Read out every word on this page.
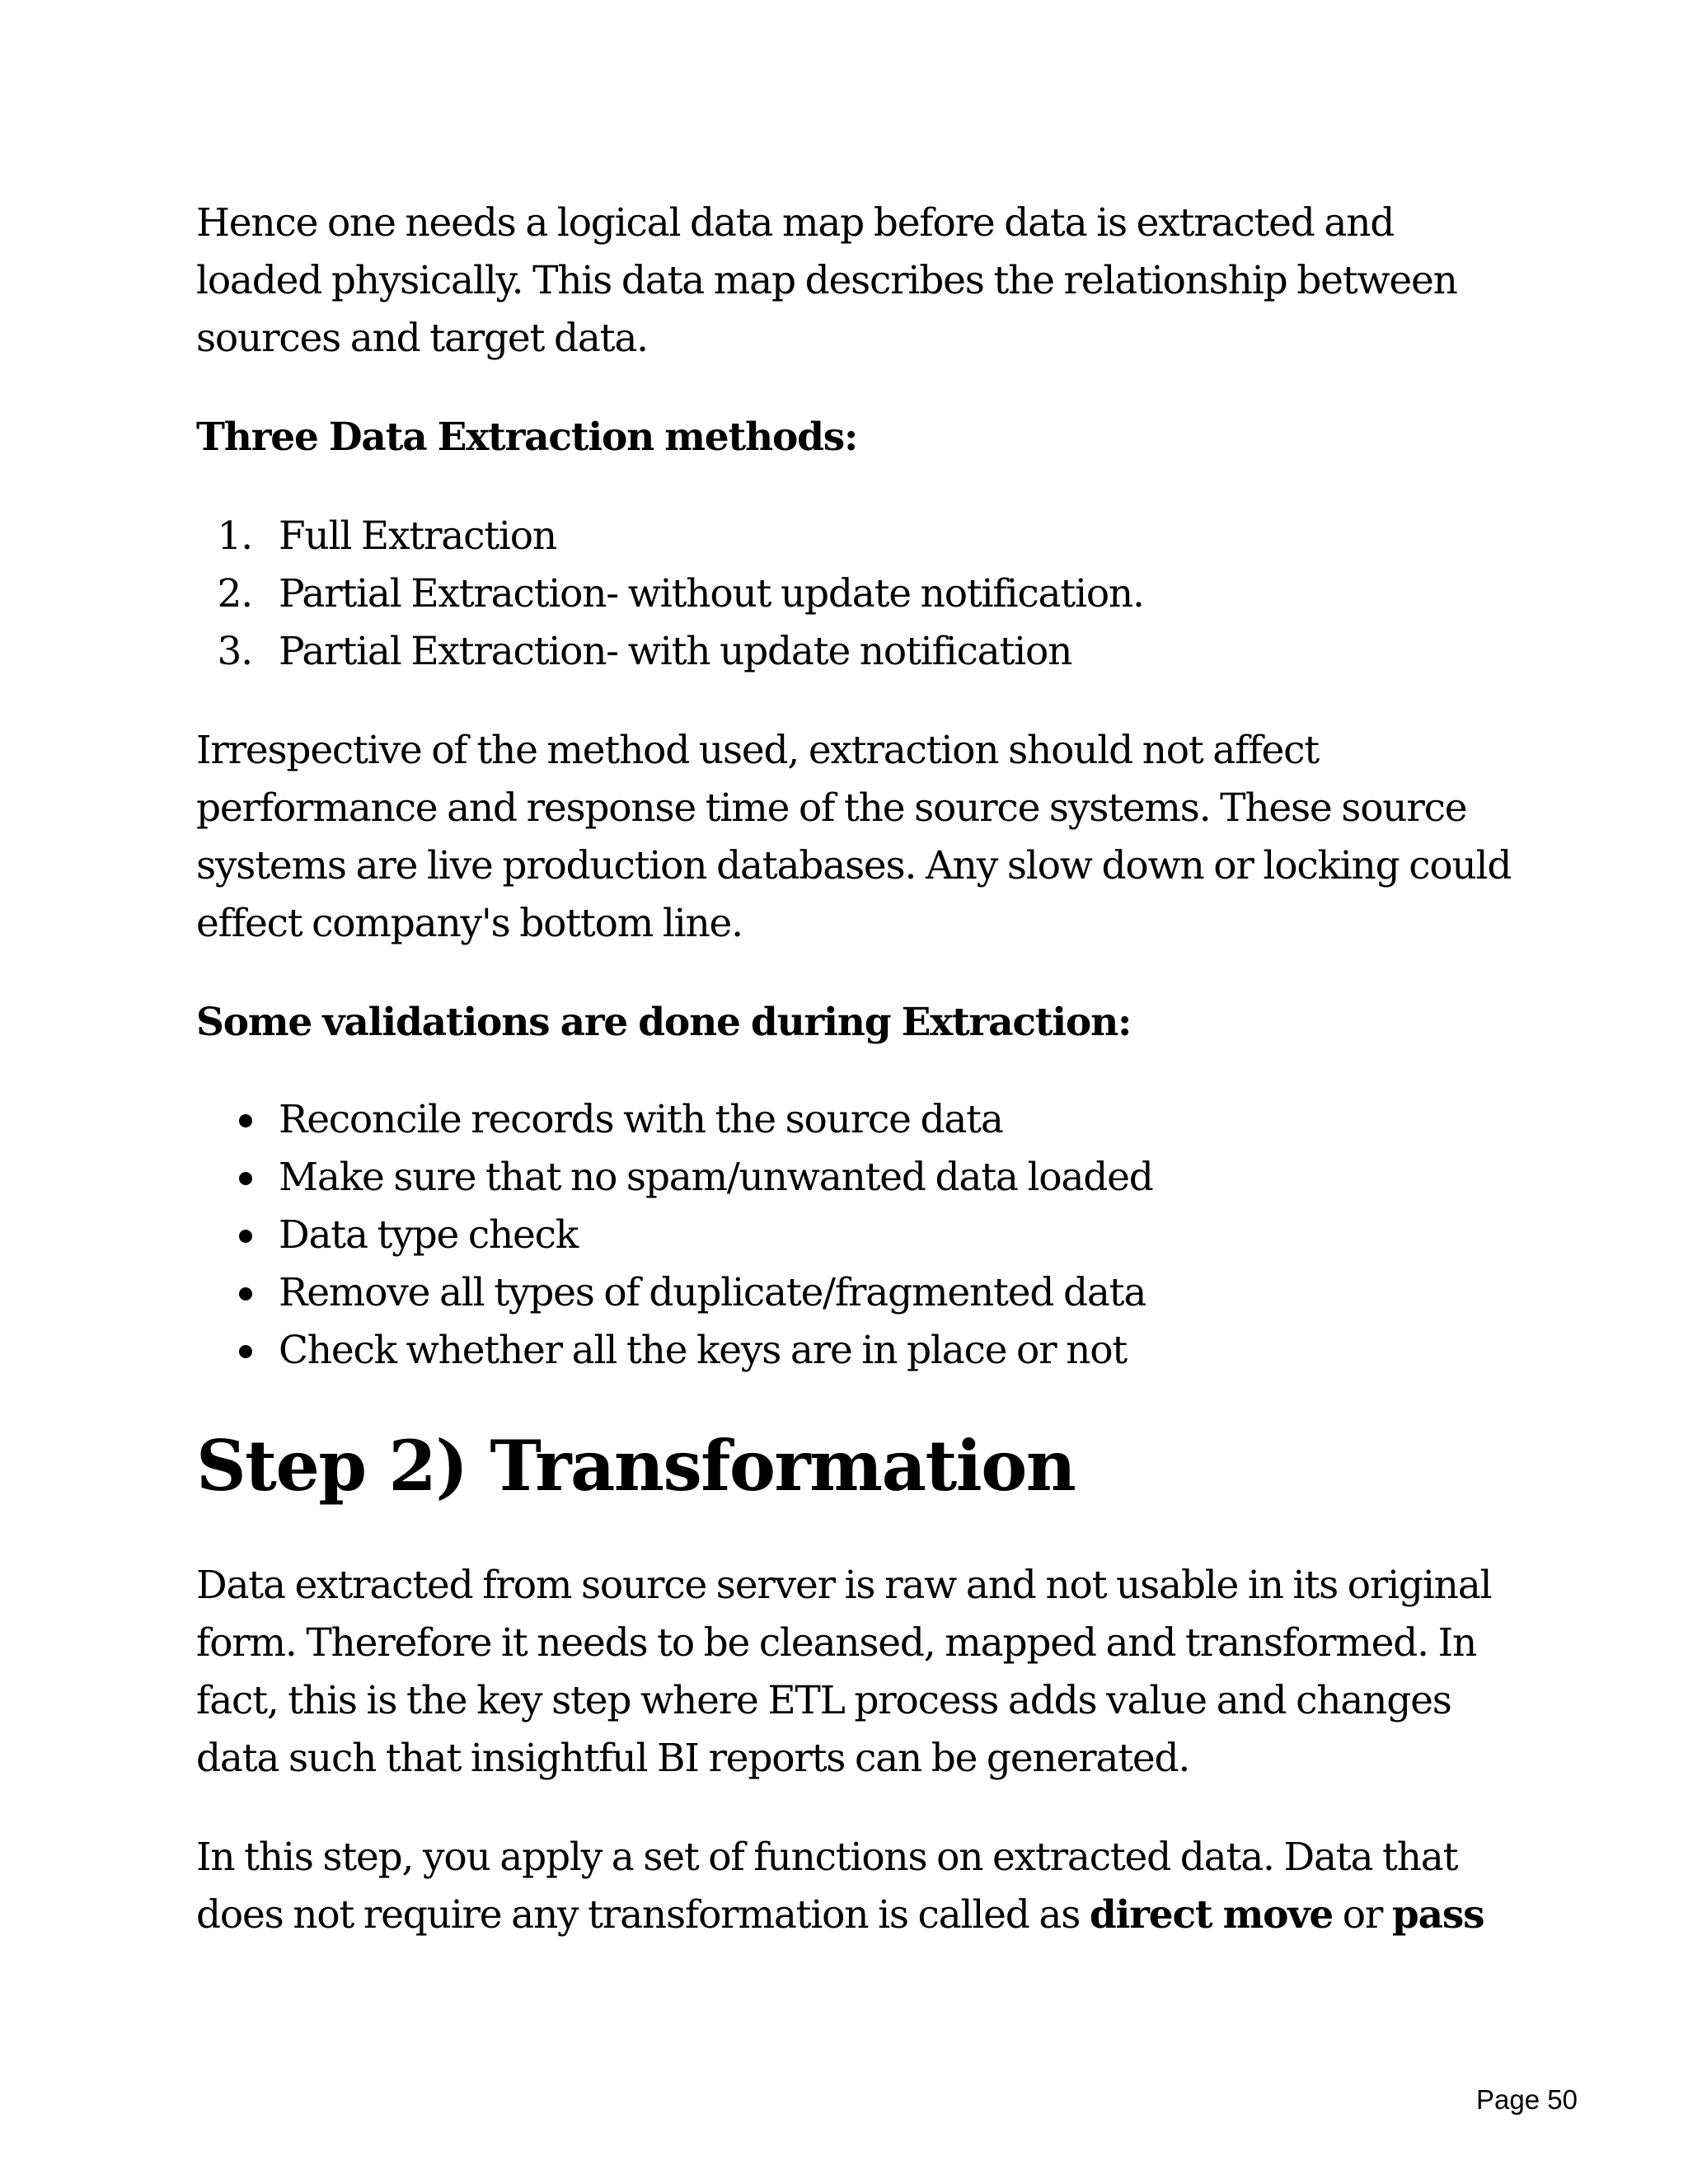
Hence one needs a logical data map before data is extracted and loaded physically. This data map describes the relationship between sources and target data.

Three Data Extraction methods:

1. Full Extraction
2. Partial Extraction- without update notification.
3. Partial Extraction- with update notification

Irrespective of the method used, extraction should not affect performance and response time of the source systems. These source systems are live production databases. Any slow down or locking could effect company's bottom line.

Some validations are done during Extraction:

Reconcile records with the source data
Make sure that no spam/unwanted data loaded
Data type check
Remove all types of duplicate/fragmented data
Check whether all the keys are in place or not
Step 2) Transformation

Data extracted from source server is raw and not usable in its original form. Therefore it needs to be cleansed, mapped and transformed. In fact, this is the key step where ETL process adds value and changes data such that insightful BI reports can be generated.

In this step, you apply a set of functions on extracted data. Data that does not require any transformation is called as direct move or pass

Page 50
